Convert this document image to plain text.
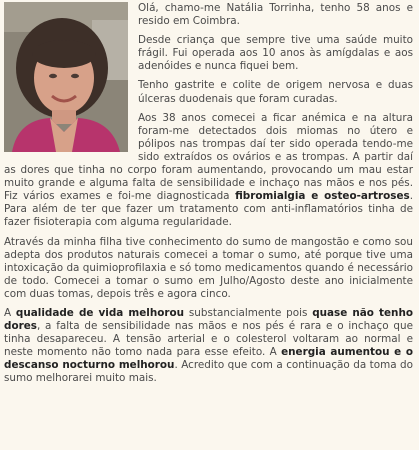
Olá, chamo-me Natália Torrinha, tenho 58 anos e resido em Coimbra.

Desde criança que sempre tive uma saúde muito frágil. Fui operada aos 10 anos às amígdalas e aos adenóides e nunca fiquei bem.

Tenho gastrite e colite de origem nervosa e duas úlceras duodenais que foram curadas.

Aos 38 anos comecei a ficar anémica e na altura foram-me detectados dois miomas no útero e pólipos nas trompas daí ter sido operada tendo-me sido extraídos os ovários e as trompas. A partir daí as dores que tinha no corpo foram aumentando, provocando um mau estar muito grande e alguma falta de sensibilidade e inchaço nas mãos e nos pés. Fiz vários exames e foi-me diagnosticada fibromialgia e osteo-artroses. Para além de ter que fazer um tratamento com anti-inflamatórios tinha de fazer fisioterapia com alguma regularidade.

Através da minha filha tive conhecimento do sumo de mangostão e como sou adepta dos produtos naturais comecei a tomar o sumo, até porque tive uma intoxicação da quimioprofilaxia e só tomo medicamentos quando é necessário de todo. Comecei a tomar o sumo em Julho/Agosto deste ano inicialmente com duas tomas, depois três e agora cinco.

A qualidade de vida melhorou substancialmente pois quase não tenho dores, a falta de sensibilidade nas mãos e nos pés é rara e o inchaço que tinha desapareceu. A tensão arterial e o colesterol voltaram ao normal e neste momento não tomo nada para esse efeito. A energia aumentou e o descanso nocturno melhorou. Acredito que com a continuação da toma do sumo melhorarei muito mais.
